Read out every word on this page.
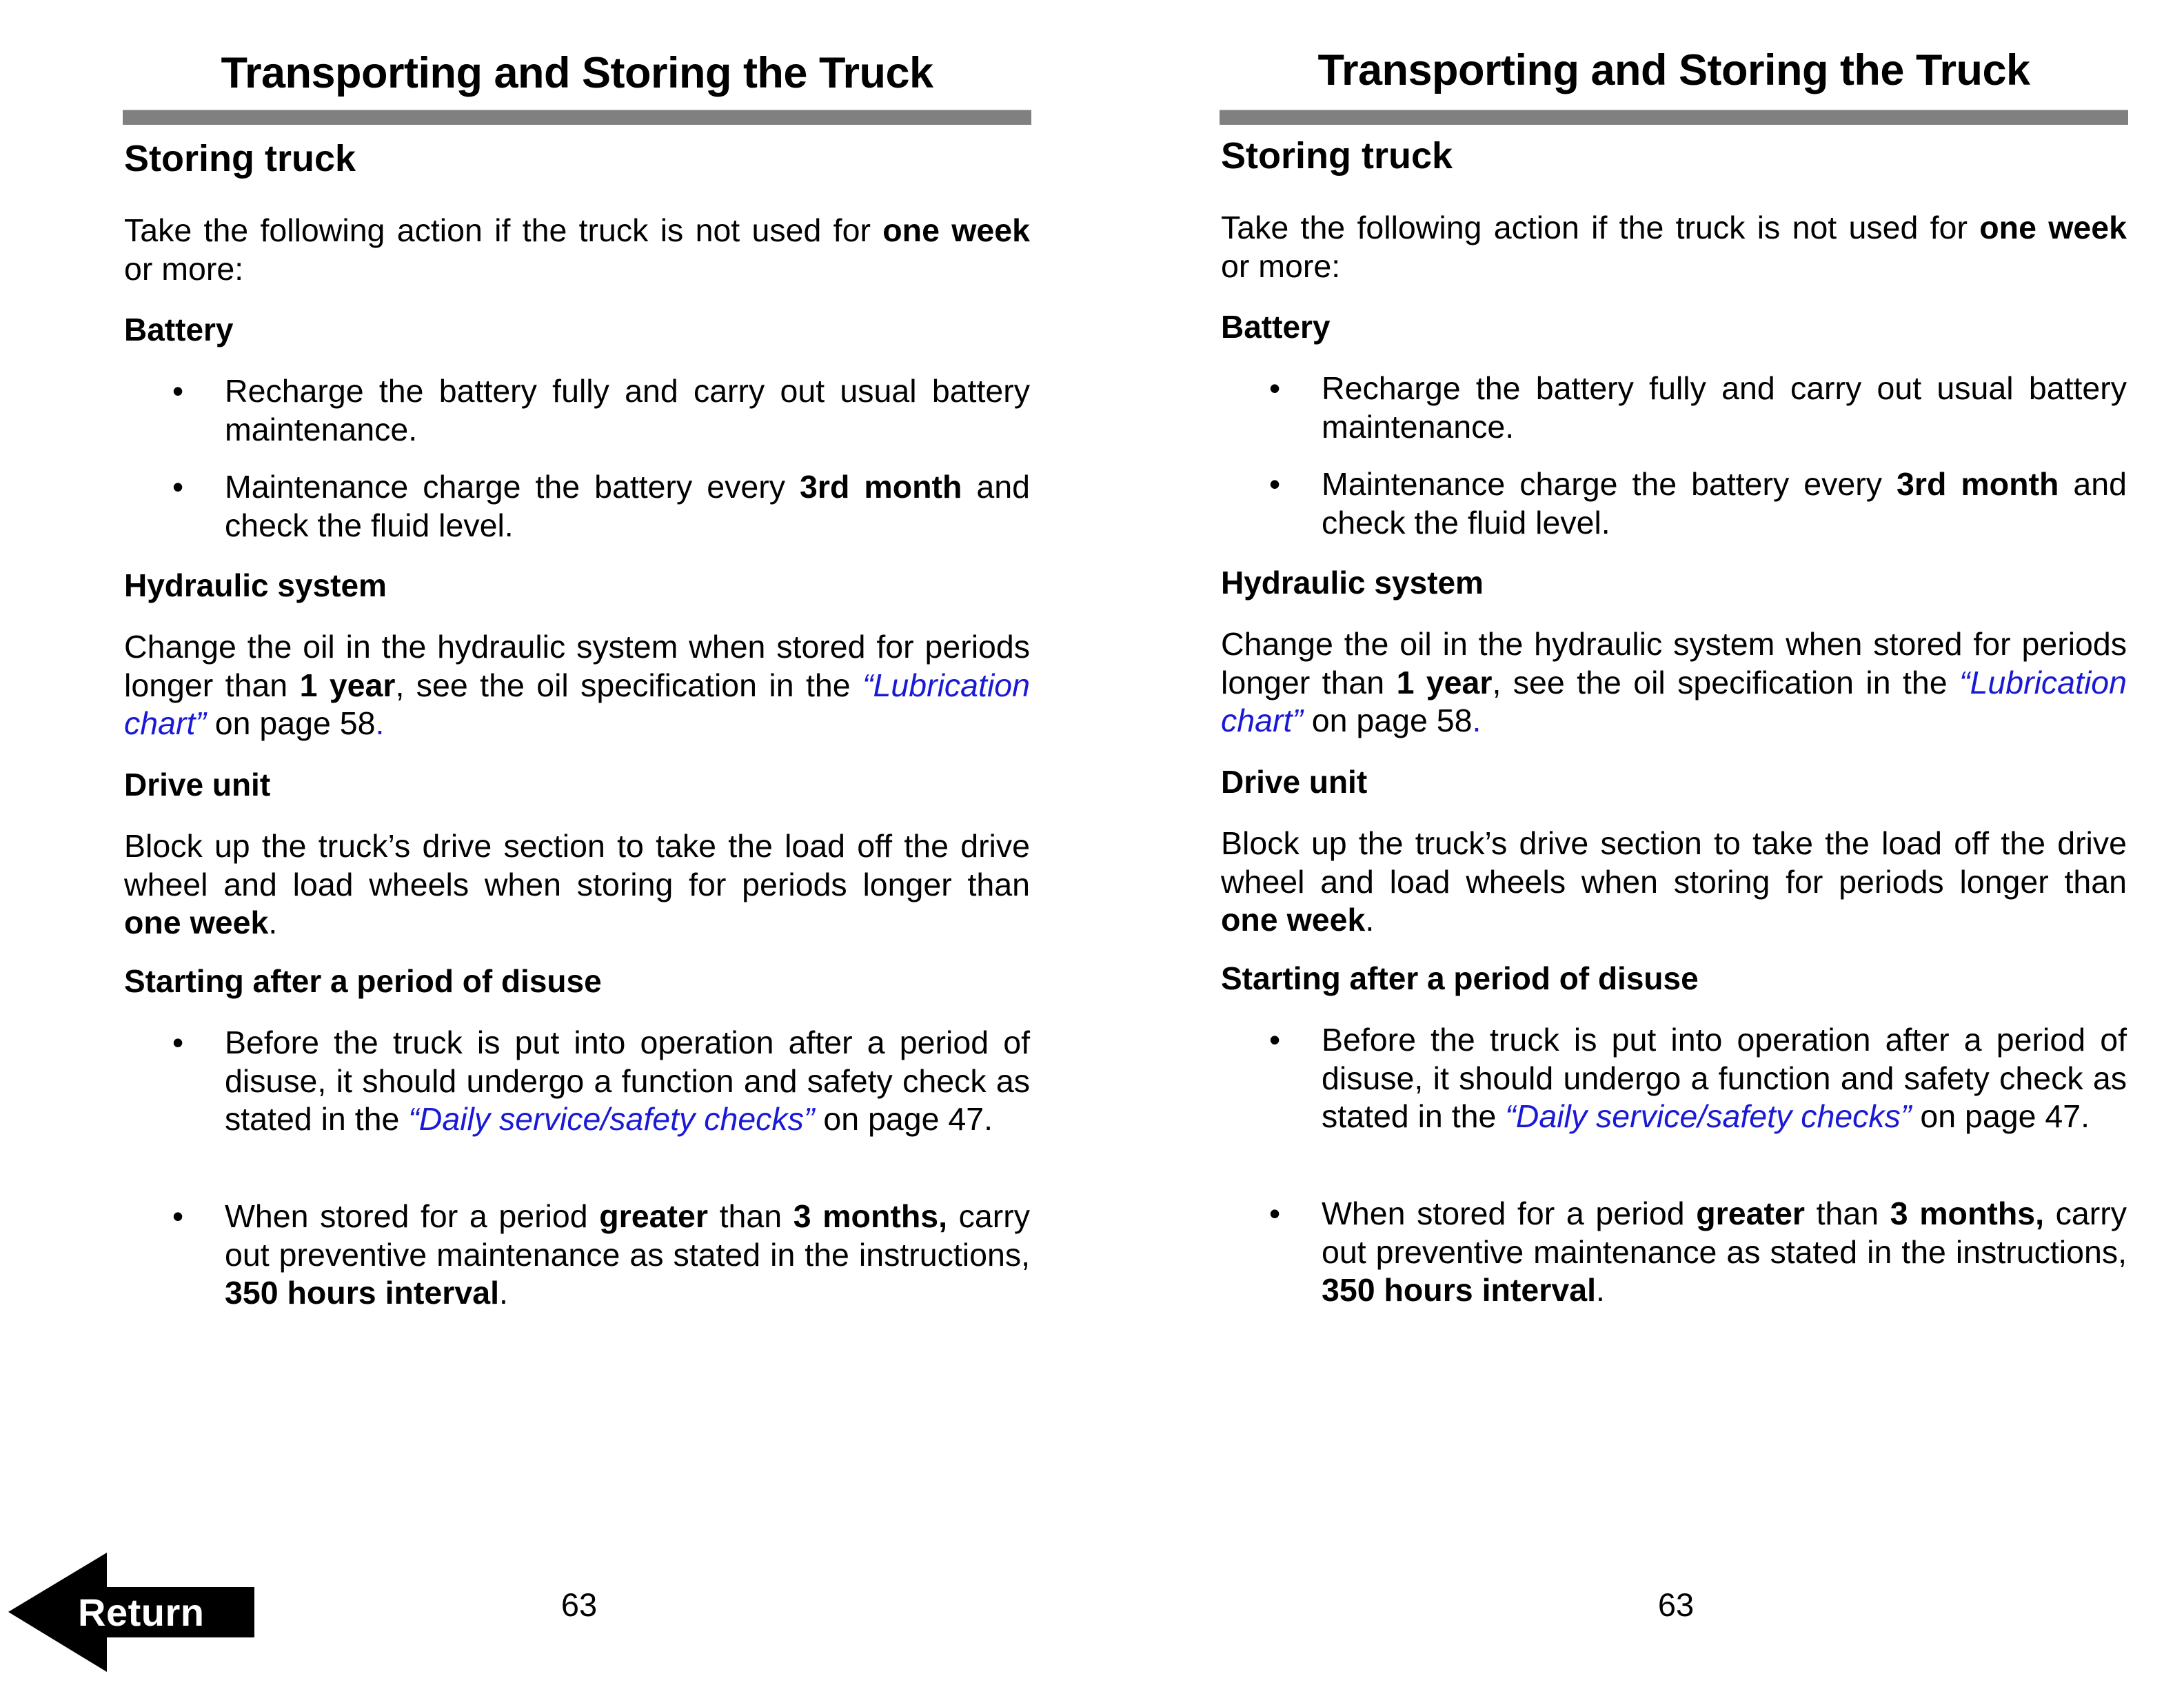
Transporting and Storing the Truck
Storing truck

Take the following action if the truck is not used for one week or more:

Battery
• Recharge the battery fully and carry out usual battery maintenance.

• Maintenance charge the battery every 3rd month and check the fluid level.

Hydraulic system

Change the oil in the hydraulic system when stored for periods longer than 1 year, see the oil specification in the “Lubrication chart” on page 58.

Drive unit

Block up the truck’s drive section to take the load off the drive wheel and load wheels when storing for periods longer than one week.

Starting after a period of disuse
• Before the truck is put into operation after a period of disuse, it should undergo a function and safety check as stated in the “Daily service/safety checks” on page 47.

• When stored for a period greater than 3 months, carry out preventive maintenance as stated in the instructions, 350 hours interval.

63
Transporting and Storing the Truck
Storing truck

Take the following action if the truck is not used for one week or more:

Battery
• Recharge the battery fully and carry out usual battery maintenance.

• Maintenance charge the battery every 3rd month and check the fluid level.

Hydraulic system

Change the oil in the hydraulic system when stored for periods longer than 1 year, see the oil specification in the “Lubrication chart” on page 58.

Drive unit

Block up the truck’s drive section to take the load off the drive wheel and load wheels when storing for periods longer than one week.

Starting after a period of disuse
• Before the truck is put into operation after a period of disuse, it should undergo a function and safety check as stated in the “Daily service/safety checks” on page 47.

• When stored for a period greater than 3 months, carry out preventive maintenance as stated in the instructions, 350 hours interval.

63
Return
